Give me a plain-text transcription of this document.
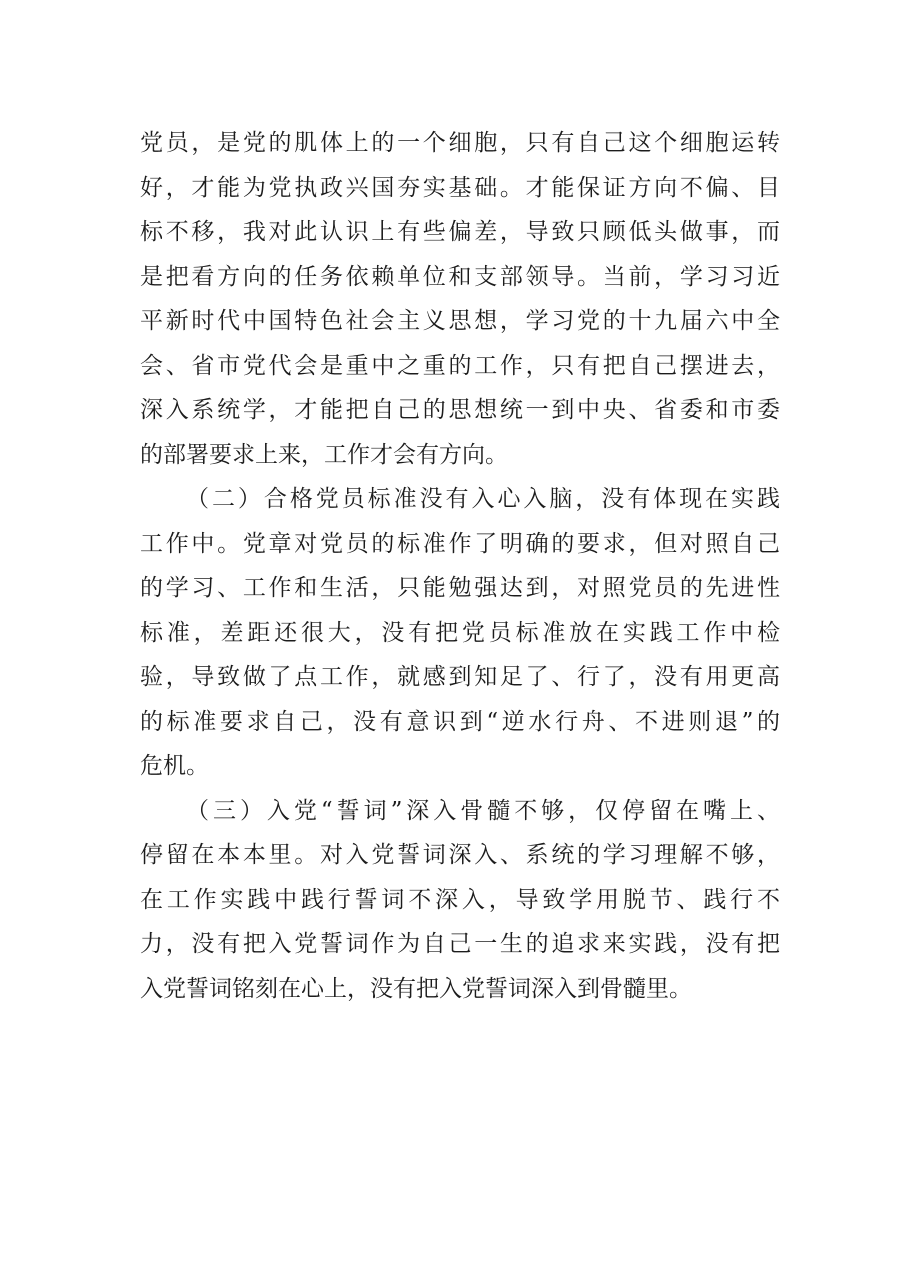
党员，是党的肌体上的一个细胞，只有自己这个细胞运转
好，才能为党执政兴国夯实基础。才能保证方向不偏、目
标不移，我对此认识上有些偏差，导致只顾低头做事，而
是把看方向的任务依赖单位和支部领导。当前，学习习近
平新时代中国特色社会主义思想，学习党的十九届六中全
会、省市党代会是重中之重的工作，只有把自己摆进去，
深入系统学，才能把自己的思想统一到中央、省委和市委
的部署要求上来，工作才会有方向。
（二）合格党员标准没有入心入脑，没有体现在实践
工作中。党章对党员的标准作了明确的要求，但对照自己
的学习、工作和生活，只能勉强达到，对照党员的先进性
标准，差距还很大，没有把党员标准放在实践工作中检
验，导致做了点工作，就感到知足了、行了，没有用更高
的标准要求自己，没有意识到“逆水行舟、不进则退”的
危机。
（三）入党“誓词”深入骨髓不够，仅停留在嘴上、
停留在本本里。对入党誓词深入、系统的学习理解不够，
在工作实践中践行誓词不深入，导致学用脱节、践行不
力，没有把入党誓词作为自己一生的追求来实践，没有把
入党誓词铭刻在心上，没有把入党誓词深入到骨髓里。
